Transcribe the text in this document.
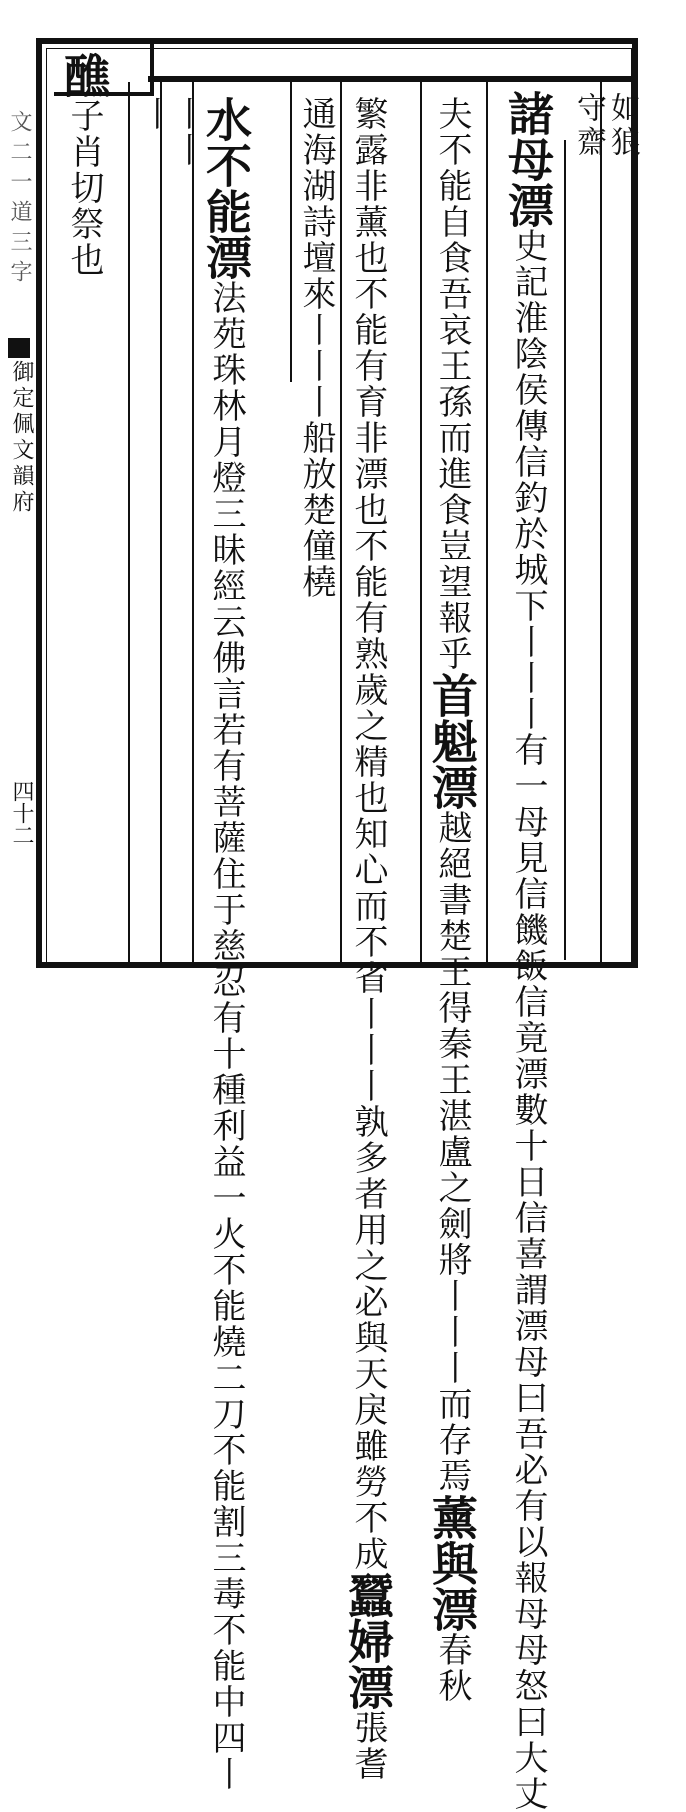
文二一道三字
御定佩文韻府
四十二
如狼
守齋
諸母漂史記淮陰侯傳信釣於城下丨丨丨有一母見信饑飯信竟漂數十日信喜謂漂母曰吾必有以報母母怒曰大丈
夫不能自食吾哀王孫而進食豈望報乎首魁漂越絕書楚王得秦王湛盧之劍將丨丨丨而存焉薰與漂春秋
繁露非薰也不能有育非漂也不能有熟歲之精也知心而不省丨丨丨孰多者用之必與天戾雖勞不成蠶婦漂張耆
通海湖詩壇來丨丨丨船放楚僮橈
水不能漂法苑珠林月燈三昧經云佛言若有菩薩住于慈忍有十種利益一火不能燒二刀不能割三毒不能中四丨
丨丨
丨
醮子肖切祭也
